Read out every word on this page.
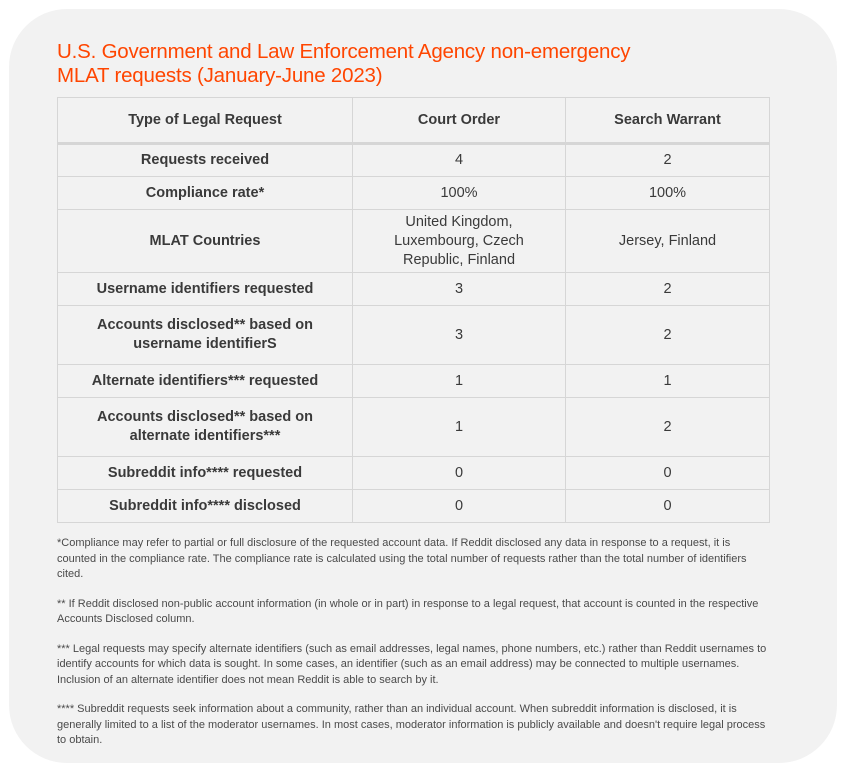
U.S. Government and Law Enforcement Agency non-emergency
MLAT requests (January-June 2023)
Type of Legal Request	Court Order	Search Warrant
Requests received	4	2
Compliance rate*	100%	100%
MLAT Countries	United Kingdom, Luxembourg, Czech Republic, Finland	Jersey, Finland
Username identifiers requested	3	2
Accounts disclosed** based on username identifierS	3	2
Alternate identifiers*** requested	1	1
Accounts disclosed** based on alternate identifiers***	1	2
Subreddit info**** requested	0	0
Subreddit info**** disclosed	0	0

*Compliance may refer to partial or full disclosure of the requested account data. If Reddit disclosed any data in response to a request, it is counted in the compliance rate. The compliance rate is calculated using the total number of requests rather than the total number of identifiers cited.

** If Reddit disclosed non-public account information (in whole or in part) in response to a legal request, that account is counted in the respective Accounts Disclosed column.

*** Legal requests may specify alternate identifiers (such as email addresses, legal names, phone numbers, etc.) rather than Reddit usernames to identify accounts for which data is sought. In some cases, an identifier (such as an email address) may be connected to multiple usernames. Inclusion of an alternate identifier does not mean Reddit is able to search by it.

**** Subreddit requests seek information about a community, rather than an individual account. When subreddit information is disclosed, it is generally limited to a list of the moderator usernames. In most cases, moderator information is publicly available and doesn't require legal process to obtain.
